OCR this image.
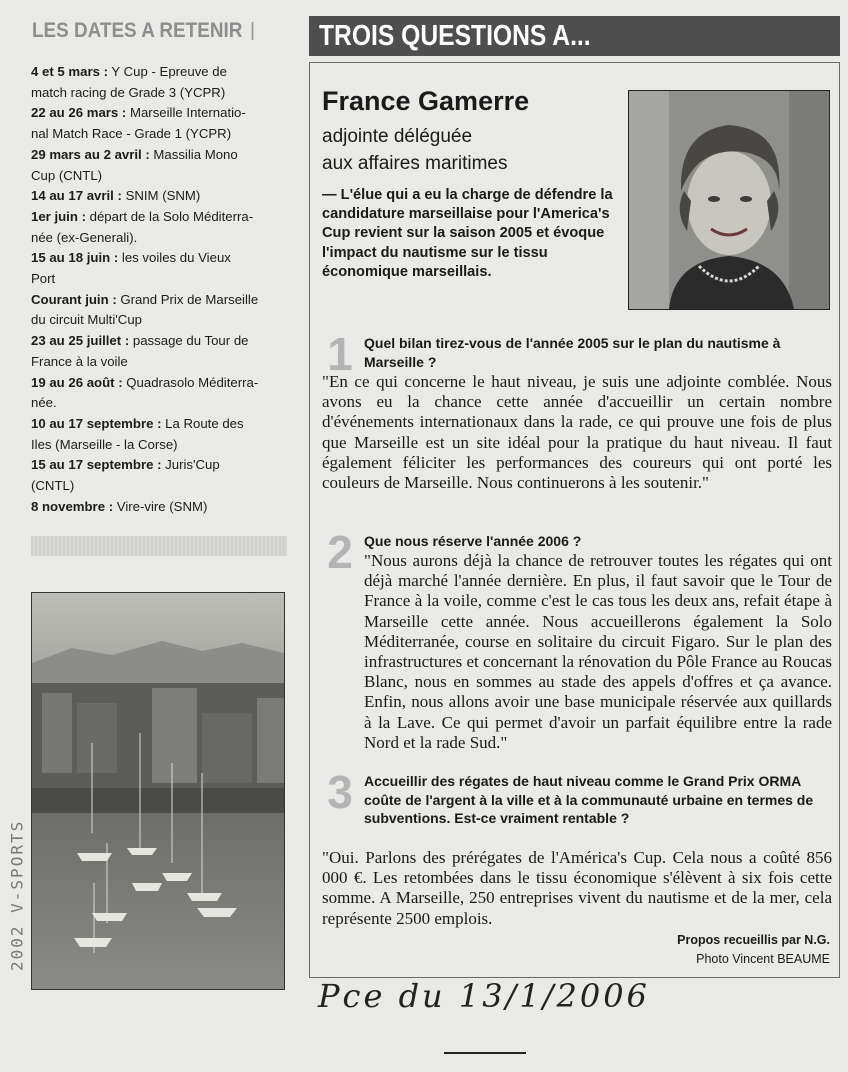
LES DATES A RETENIR

4 et 5 mars : Y Cup - Epreuve de

match racing de Grade 3 (YCPR)

22 au 26 mars : Marseille Internatio-

nal Match Race - Grade 1 (YCPR)

29 mars au 2 avril : Massilia Mono

Cup (CNTL)

14 au 17 avril : SNIM (SNM)

1er juin : départ de la Solo Méditerra-

née (ex-Generali).

15 au 18 juin : les voiles du Vieux

Port

Courant juin : Grand Prix de Marseille

du circuit Multi'Cup

23 au 25 juillet : passage du Tour de

France à la voile

19 au 26 août : Quadrasolo Méditerra-

née.

10 au 17 septembre : La Route des

Iles (Marseille - la Corse)

15 au 17 septembre : Juris'Cup

(CNTL)

8 novembre : Vire-vire (SNM)

2002 V-SPORTS
TROIS QUESTIONS A...
France Gamerre
adjointe déléguée
aux affaires maritimes
— L'élue qui a eu la charge de défendre la candidature marseillaise pour l'America's Cup revient sur la saison 2005 et évoque l'impact du nautisme sur le tissu économique marseillais.
1 Quel bilan tirez-vous de l'année 2005 sur le plan du nautisme à Marseille ?
"En ce qui concerne le haut niveau, je suis une adjointe comblée. Nous avons eu la chance cette année d'accueillir un certain nombre d'événements internationaux dans la rade, ce qui prouve une fois de plus que Marseille est un site idéal pour la pratique du haut niveau. Il faut également féliciter les performances des coureurs qui ont porté les couleurs de Marseille. Nous continuerons à les soutenir."
2 Que nous réserve l'année 2006 ?
"Nous aurons déjà la chance de retrouver toutes les régates qui ont déjà marché l'année dernière. En plus, il faut savoir que le Tour de France à la voile, comme c'est le cas tous les deux ans, refait étape à Marseille cette année. Nous accueillerons également la Solo Méditerranée, course en solitaire du circuit Figaro. Sur le plan des infrastructures et concernant la rénovation du Pôle France au Roucas Blanc, nous en sommes au stade des appels d'offres et ça avance. Enfin, nous allons avoir une base municipale réservée aux quillards à la Lave. Ce qui permet d'avoir un parfait équilibre entre la rade Nord et la rade Sud."
3 Accueillir des régates de haut niveau comme le Grand Prix ORMA coûte de l'argent à la ville et à la communauté urbaine en termes de subventions. Est-ce vraiment rentable ?
"Oui. Parlons des prérégates de l'América's Cup. Cela nous a coûté 856 000 €. Les retombées dans le tissu économique s'élèvent à six fois cette somme. A Marseille, 250 entreprises vivent du nautisme et de la mer, cela représente 2500 emplois.
Propos recueillis par N.G.
Photo Vincent BEAUME
Pce du 13/1/2006
